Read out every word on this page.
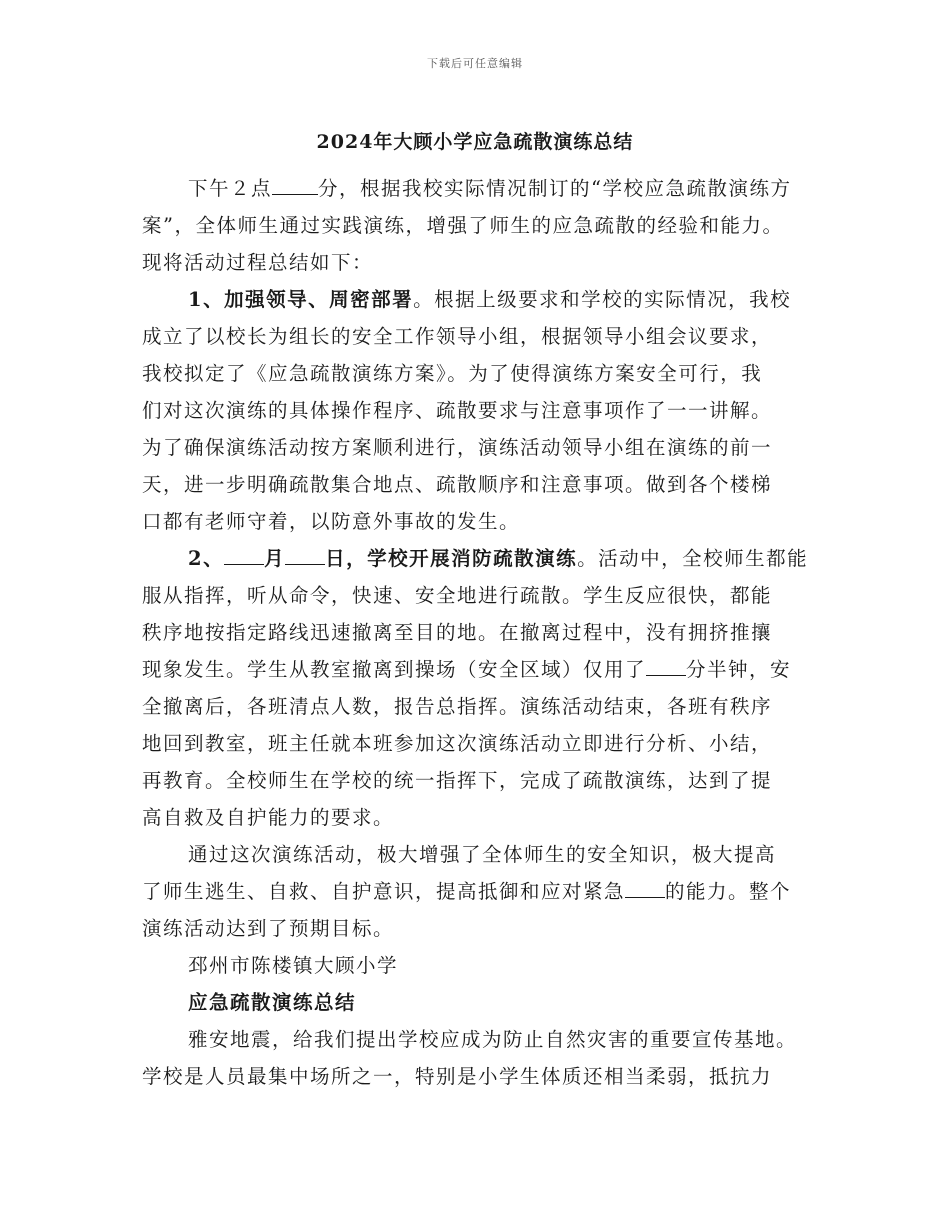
下载后可任意编辑
2024年大顾小学应急疏散演练总结
下午２点 分，根据我校实际情况制订的“学校应急疏散演练方
案”，全体师生通过实践演练，增强了师生的应急疏散的经验和能力。
现将活动过程总结如下：
1、加强领导、周密部署。根据上级要求和学校的实际情况，我校
成立了以校长为组长的安全工作领导小组，根据领导小组会议要求，
我校拟定了《应急疏散演练方案》。为了使得演练方案安全可行，我
们对这次演练的具体操作程序、疏散要求与注意事项作了一一讲解。
为了确保演练活动按方案顺利进行，演练活动领导小组在演练的前一
天，进一步明确疏散集合地点、疏散顺序和注意事项。做到各个楼梯
口都有老师守着，以防意外事故的发生。
2、 月 日，学校开展消防疏散演练。活动中，全校师生都能
服从指挥，听从命令，快速、安全地进行疏散。学生反应很快，都能
秩序地按指定路线迅速撤离至目的地。在撤离过程中，没有拥挤推攘
现象发生。学生从教室撤离到操场（安全区域）仅用了 分半钟，安
全撤离后，各班清点人数，报告总指挥。演练活动结束，各班有秩序
地回到教室，班主任就本班参加这次演练活动立即进行分析、小结，
再教育。全校师生在学校的统一指挥下，完成了疏散演练，达到了提
高自救及自护能力的要求。
通过这次演练活动，极大增强了全体师生的安全知识，极大提高
了师生逃生、自救、自护意识，提高抵御和应对紧急 的能力。整个
演练活动达到了预期目标。
邳州市陈楼镇大顾小学
应急疏散演练总结
雅安地震，给我们提出学校应成为防止自然灾害的重要宣传基地。
学校是人员最集中场所之一，特别是小学生体质还相当柔弱，抵抗力
